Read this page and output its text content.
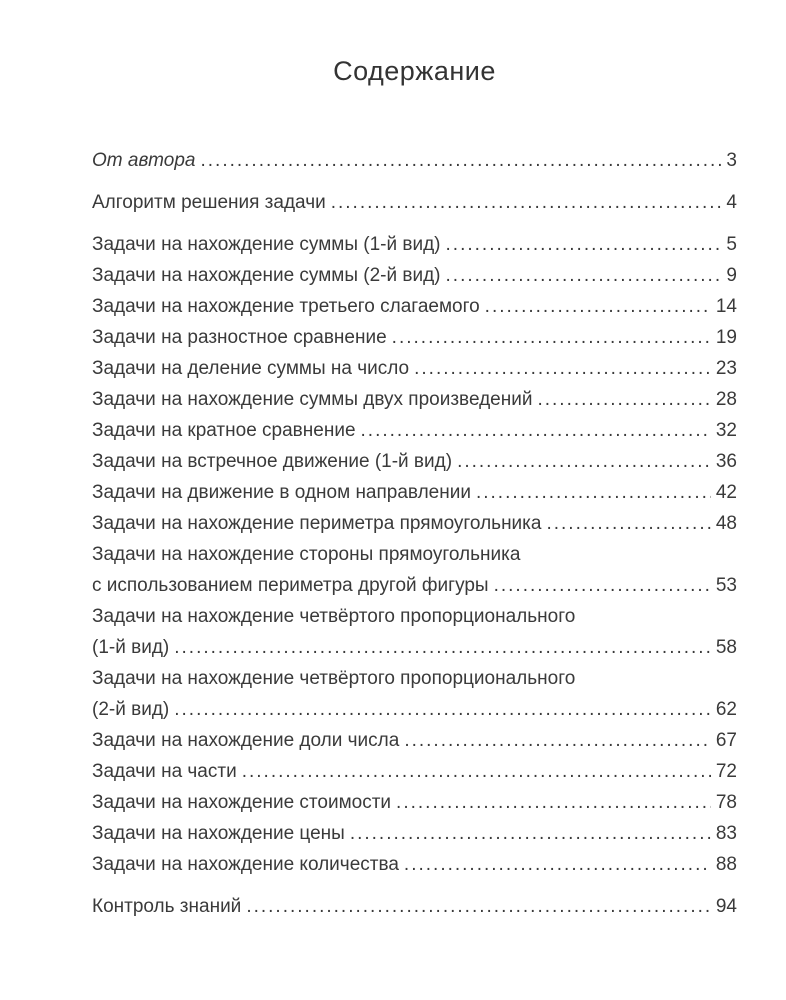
Содержание
От автора .....	3
Алгоритм решения задачи .....	4
Задачи на нахождение суммы (1-й вид) .....	5
Задачи на нахождение суммы (2-й вид) .....	9
Задачи на нахождение третьего слагаемого .....	14
Задачи на разностное сравнение .....	19
Задачи на деление суммы на число .....	23
Задачи на нахождение суммы двух произведений .....	28
Задачи на кратное сравнение .....	32
Задачи на встречное движение (1-й вид) .....	36
Задачи на движение в одном направлении .....	42
Задачи на нахождение периметра прямоугольника .....	48
Задачи на нахождение стороны прямоугольника
с использованием периметра другой фигуры .....	53
Задачи на нахождение четвёртого пропорционального
(1-й вид) .....	58
Задачи на нахождение четвёртого пропорционального
(2-й вид) .....	62
Задачи на нахождение доли числа .....	67
Задачи на части .....	72
Задачи на нахождение стоимости .....	78
Задачи на нахождение цены .....	83
Задачи на нахождение количества .....	88
Контроль знаний .....	94
